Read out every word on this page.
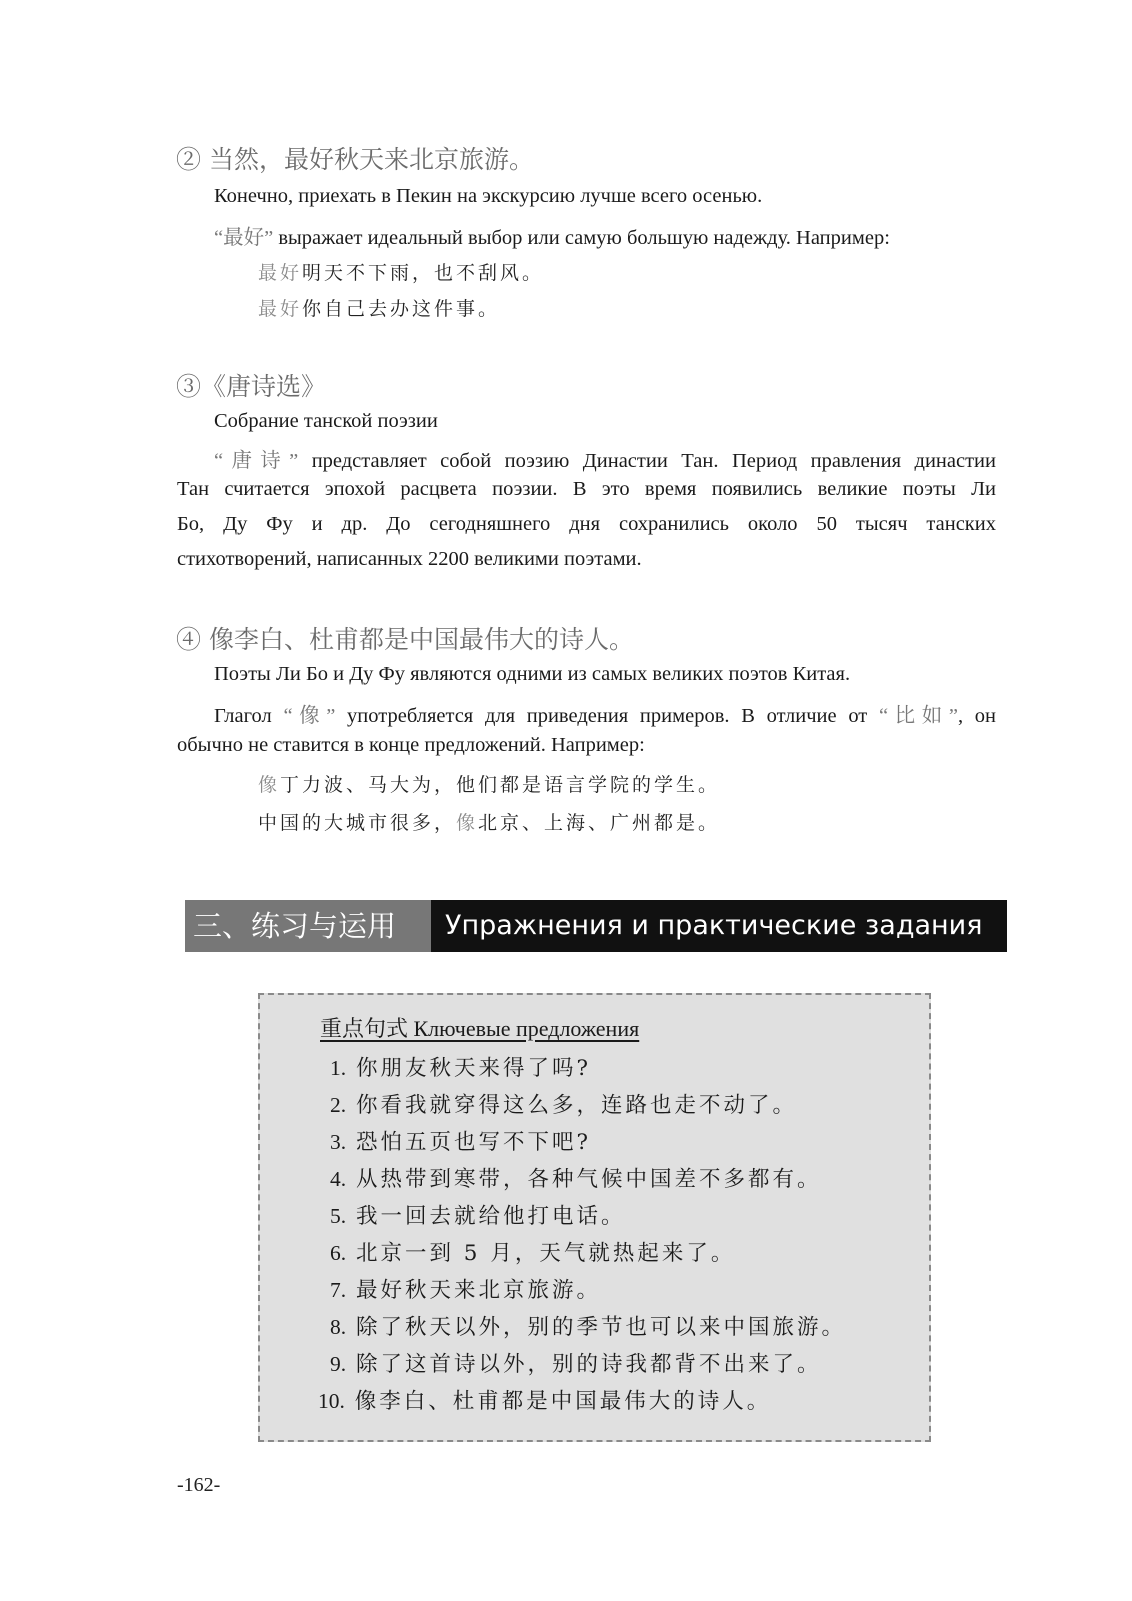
② 当然，最好秋天来北京旅游。
Конечно, приехать в Пекин на экскурсию лучше всего осенью.
“最好” выражает идеальный выбор или самую большую надежду. Например:
最好明天不下雨，也不刮风。
最好你自己去办这件事。
③《唐诗选》
Собрание танской поэзии
“唐诗” представляет собой поэзию Династии Тан. Период правления династии
Тан считается эпохой расцвета поэзии. В это время появились великие поэты Ли
Бо, Ду Фу и др. До сегодняшнего дня сохранились около 50 тысяч танских
стихотворений, написанных 2200 великими поэтами.
④ 像李白、杜甫都是中国最伟大的诗人。
Поэты Ли Бо и Ду Фу являются одними из самых великих поэтов Китая.
Глагол “像” употребляется для приведения примеров. В отличие от “比如”, он
обычно не ставится в конце предложений. Например:
像丁力波、马大为，他们都是语言学院的学生。
中国的大城市很多，像北京、上海、广州都是。
三、练习与运用	Упражнения и практические задания
重点句式 Ключевые предложения
1. 你朋友秋天来得了吗?
2. 你看我就穿得这么多，连路也走不动了。
3. 恐怕五页也写不下吧?
4. 从热带到寒带，各种气候中国差不多都有。
5. 我一回去就给他打电话。
6. 北京一到 5 月，天气就热起来了。
7. 最好秋天来北京旅游。
8. 除了秋天以外，别的季节也可以来中国旅游。
9. 除了这首诗以外，别的诗我都背不出来了。
10. 像李白、杜甫都是中国最伟大的诗人。
-162-
